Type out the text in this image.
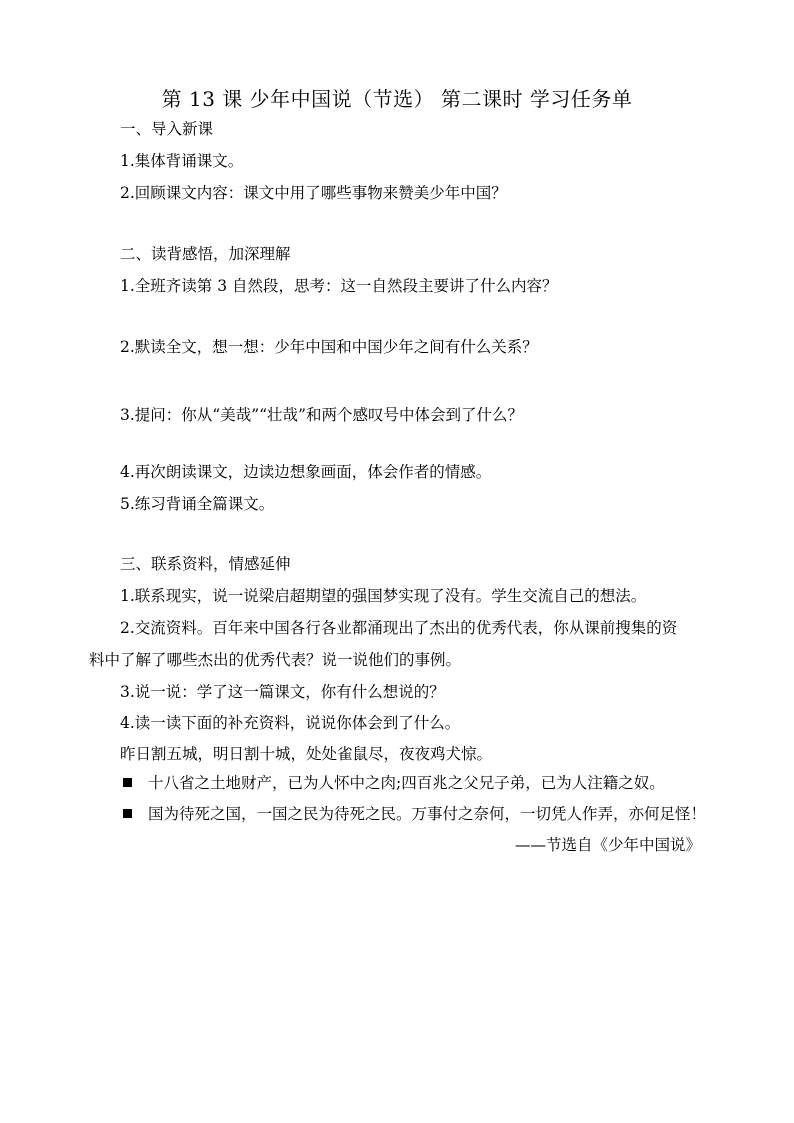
第 13 课 少年中国说（节选） 第二课时 学习任务单
一、导入新课
1.集体背诵课文。
2.回顾课文内容：课文中用了哪些事物来赞美少年中国？
二、读背感悟，加深理解
1.全班齐读第 3 自然段，思考：这一自然段主要讲了什么内容？
2.默读全文，想一想：少年中国和中国少年之间有什么关系？
3.提问：你从“美哉”“壮哉”和两个感叹号中体会到了什么？
4.再次朗读课文，边读边想象画面，体会作者的情感。
5.练习背诵全篇课文。
三、联系资料，情感延伸
1.联系现实，说一说梁启超期望的强国梦实现了没有。学生交流自己的想法。
2.交流资料。百年来中国各行各业都涌现出了杰出的优秀代表，你从课前搜集的资
料中了解了哪些杰出的优秀代表？说一说他们的事例。
3.说一说：学了这一篇课文，你有什么想说的？
4.读一读下面的补充资料，说说你体会到了什么。
昨日割五城，明日割十城，处处雀鼠尽，夜夜鸡犬惊。
十八省之土地财产，已为人怀中之肉;四百兆之父兄子弟，已为人注籍之奴。
国为待死之国，一国之民为待死之民。万事付之奈何，一切凭人作弄，亦何足怪！
——节选自《少年中国说》
